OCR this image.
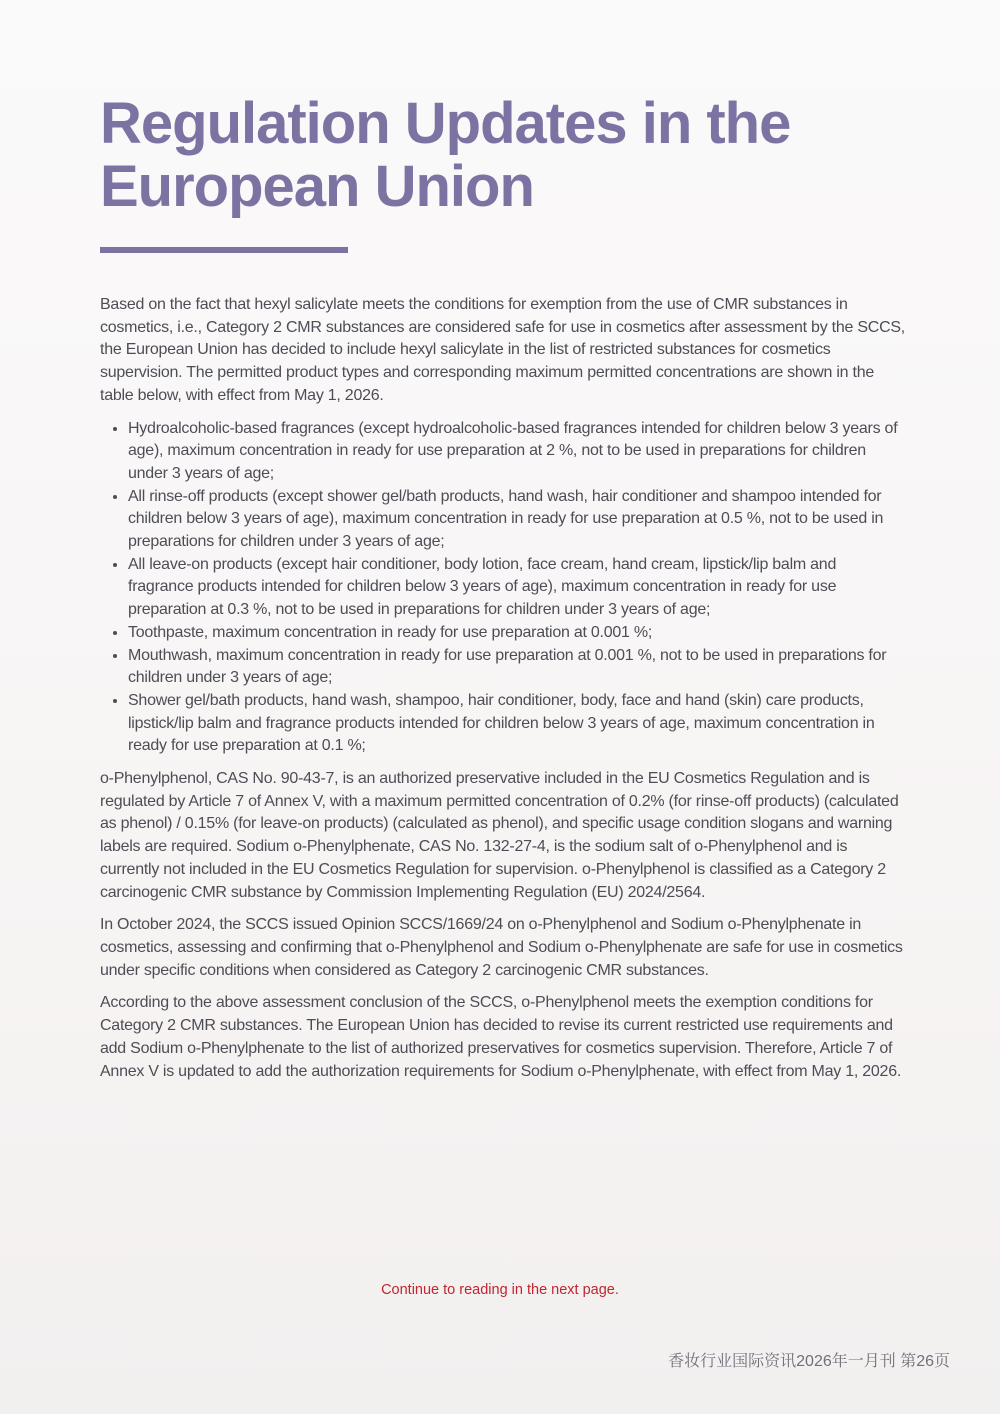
Regulation Updates in the European Union

Based on the fact that hexyl salicylate meets the conditions for exemption from the use of CMR substances in cosmetics, i.e., Category 2 CMR substances are considered safe for use in cosmetics after assessment by the SCCS, the European Union has decided to include hexyl salicylate in the list of restricted substances for cosmetics supervision. The permitted product types and corresponding maximum permitted concentrations are shown in the table below, with effect from May 1, 2026.

• Hydroalcoholic-based fragrances (except hydroalcoholic-based fragrances intended for children below 3 years of age), maximum concentration in ready for use preparation at 2 %, not to be used in preparations for children under 3 years of age;
• All rinse-off products (except shower gel/bath products, hand wash, hair conditioner and shampoo intended for children below 3 years of age), maximum concentration in ready for use preparation at 0.5 %, not to be used in preparations for children under 3 years of age;
• All leave-on products (except hair conditioner, body lotion, face cream, hand cream, lipstick/lip balm and fragrance products intended for children below 3 years of age), maximum concentration in ready for use preparation at 0.3 %, not to be used in preparations for children under 3 years of age;
• Toothpaste, maximum concentration in ready for use preparation at 0.001 %;
• Mouthwash, maximum concentration in ready for use preparation at 0.001 %, not to be used in preparations for children under 3 years of age;
• Shower gel/bath products, hand wash, shampoo, hair conditioner, body, face and hand (skin) care products, lipstick/lip balm and fragrance products intended for children below 3 years of age, maximum concentration in ready for use preparation at 0.1 %;

o-Phenylphenol, CAS No. 90-43-7, is an authorized preservative included in the EU Cosmetics Regulation and is regulated by Article 7 of Annex V, with a maximum permitted concentration of 0.2% (for rinse-off products) (calculated as phenol) / 0.15% (for leave-on products) (calculated as phenol), and specific usage condition slogans and warning labels are required. Sodium o-Phenylphenate, CAS No. 132-27-4, is the sodium salt of o-Phenylphenol and is currently not included in the EU Cosmetics Regulation for supervision. o-Phenylphenol is classified as a Category 2 carcinogenic CMR substance by Commission Implementing Regulation (EU) 2024/2564.

In October 2024, the SCCS issued Opinion SCCS/1669/24 on o-Phenylphenol and Sodium o-Phenylphenate in cosmetics, assessing and confirming that o-Phenylphenol and Sodium o-Phenylphenate are safe for use in cosmetics under specific conditions when considered as Category 2 carcinogenic CMR substances.

According to the above assessment conclusion of the SCCS, o-Phenylphenol meets the exemption conditions for Category 2 CMR substances. The European Union has decided to revise its current restricted use requirements and add Sodium o-Phenylphenate to the list of authorized preservatives for cosmetics supervision. Therefore, Article 7 of Annex V is updated to add the authorization requirements for Sodium o-Phenylphenate, with effect from May 1, 2026.

Continue to reading in the next page.
香妆行业国际资讯2026年一月刊 第26页
